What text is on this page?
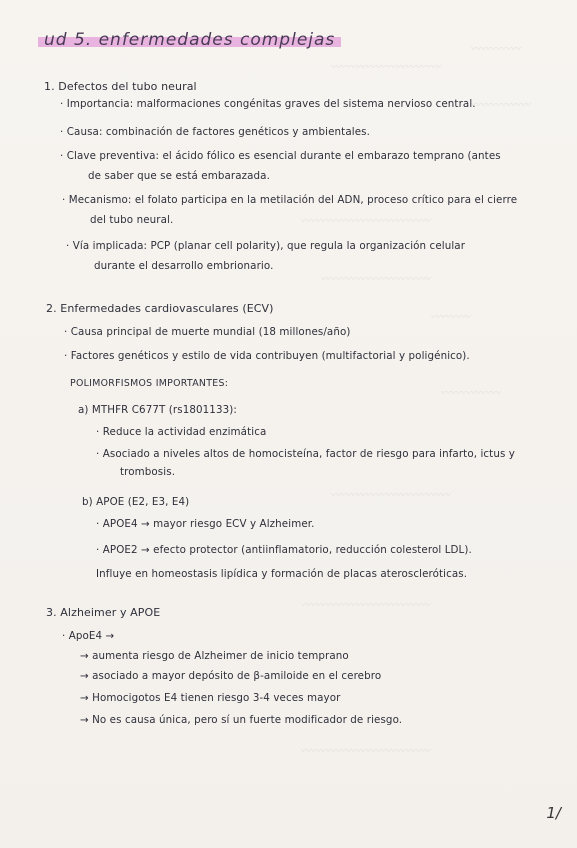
〰〰〰〰〰
〰〰〰〰〰〰〰〰〰〰〰
〰〰〰〰〰〰
〰〰〰〰〰〰〰〰〰〰〰〰〰
〰〰〰〰〰〰〰〰〰〰〰
〰〰〰〰
〰〰〰〰〰〰
〰〰〰〰〰〰〰〰〰〰〰〰
〰〰〰〰〰〰〰〰〰〰〰〰〰
〰〰〰〰〰〰〰〰〰〰〰〰〰
ud 5. enfermedades complejas
1. Defectos del tubo neural
· Importancia: malformaciones congénitas graves del sistema nervioso central.
· Causa: combinación de factores genéticos y ambientales.
· Clave preventiva: el ácido fólico es esencial durante el embarazo temprano (antes
de saber que se está embarazada.
· Mecanismo: el folato participa en la metilación del ADN, proceso crítico para el cierre
del tubo neural.
· Vía implicada: PCP (planar cell polarity), que regula la organización celular
durante el desarrollo embrionario.
2. Enfermedades cardiovasculares (ECV)
· Causa principal de muerte mundial (18 millones/año)
· Factores genéticos y estilo de vida contribuyen (multifactorial y poligénico).
POLIMORFISMOS IMPORTANTES:
a) MTHFR C677T (rs1801133):
· Reduce la actividad enzimática
· Asociado a niveles altos de homocisteína, factor de riesgo para infarto, ictus y
trombosis.
b) APOE (E2, E3, E4)
· APOE4 → mayor riesgo ECV y Alzheimer.
· APOE2 → efecto protector (antiinflamatorio, reducción colesterol LDL).
Influye en homeostasis lipídica y formación de placas ateroscleróticas.
3. Alzheimer y APOE
· ApoE4 →
→ aumenta riesgo de Alzheimer de inicio temprano
→ asociado a mayor depósito de β-amiloide en el cerebro
→ Homocigotos E4 tienen riesgo 3-4 veces mayor
→ No es causa única, pero sí un fuerte modificador de riesgo.
1/
